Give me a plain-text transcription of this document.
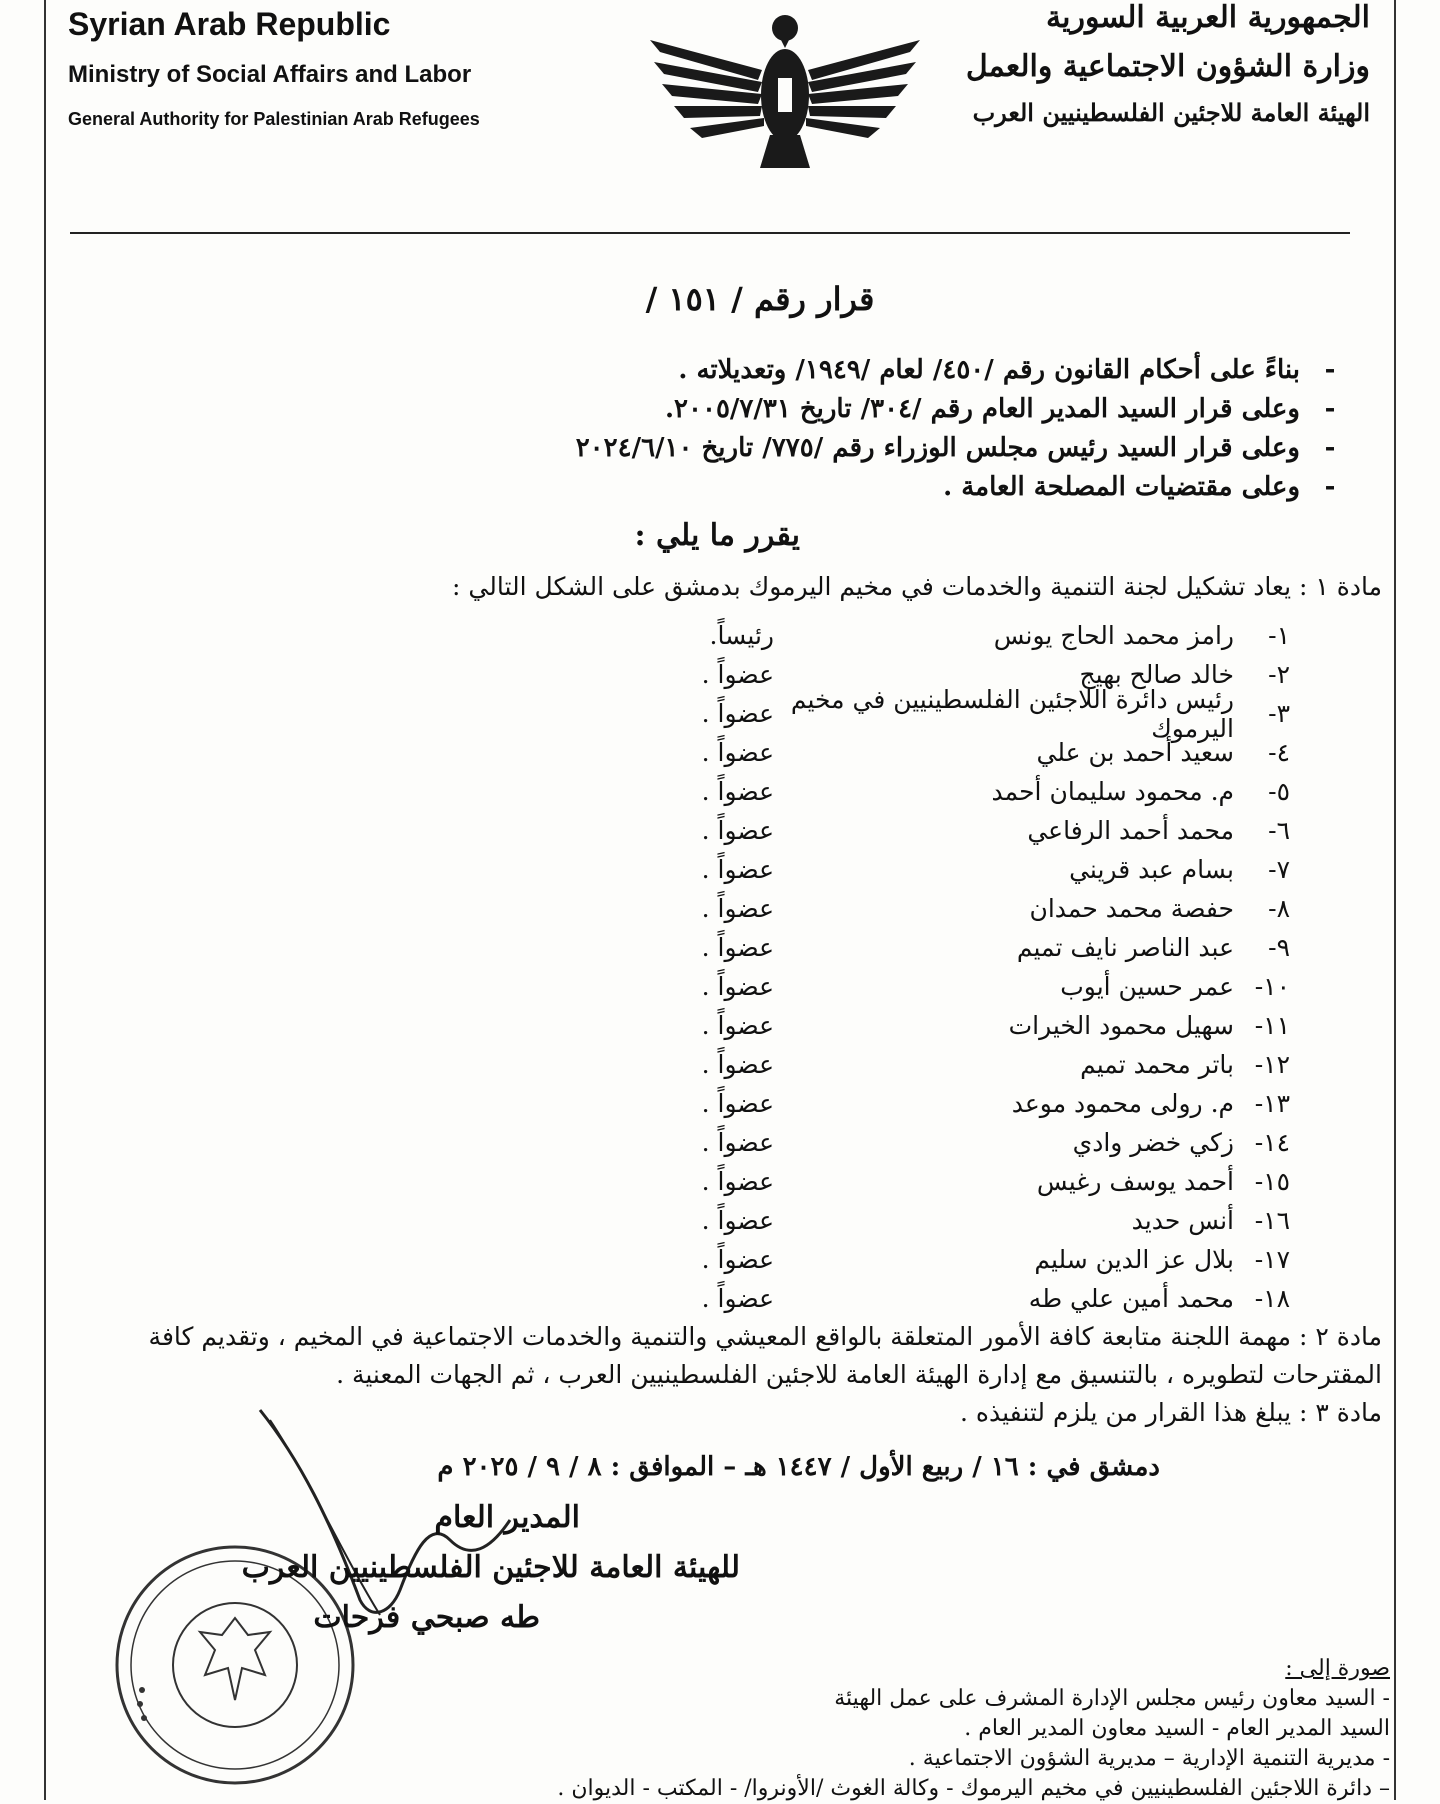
Syrian Arab Republic
Ministry of Social Affairs and Labor
General Authority for Palestinian Arab Refugees
الجمهورية العربية السورية
وزارة الشؤون الاجتماعية والعمل
الهيئة العامة للاجئين الفلسطينيين العرب
قرار رقم / ١٥١ /
-
بناءً على أحكام القانون رقم /٤٥٠/ لعام /١٩٤٩/ وتعديلاته .
-
وعلى قرار السيد المدير العام رقم /٣٠٤/ تاريخ ٢٠٠٥/٧/٣١.
-
وعلى قرار السيد رئيس مجلس الوزراء رقم /٧٧٥/ تاريخ ٢٠٢٤/٦/١٠
-
وعلى مقتضيات المصلحة العامة .
يقرر ما يلي :
مادة ١ : يعاد تشكيل لجنة التنمية والخدمات في مخيم اليرموك بدمشق على الشكل التالي :
١-
رامز محمد الحاج يونس
رئيساً.
٢-
خالد صالح بهيج
عضواً .
٣-
رئيس دائرة اللاجئين الفلسطينيين في مخيم اليرموك
عضواً .
٤-
سعيد أحمد بن علي
عضواً .
٥-
م. محمود سليمان أحمد
عضواً .
٦-
محمد أحمد الرفاعي
عضواً .
٧-
بسام عبد قريني
عضواً .
٨-
حفصة محمد حمدان
عضواً .
٩-
عبد الناصر نايف تميم
عضواً .
١٠-
عمر حسين أيوب
عضواً .
١١-
سهيل محمود الخيرات
عضواً .
١٢-
باتر محمد تميم
عضواً .
١٣-
م. رولى محمود موعد
عضواً .
١٤-
زكي خضر وادي
عضواً .
١٥-
أحمد يوسف رغيس
عضواً .
١٦-
أنس حديد
عضواً .
١٧-
بلال عز الدين سليم
عضواً .
١٨-
محمد أمين علي طه
عضواً .
مادة ٢ : مهمة اللجنة متابعة كافة الأمور المتعلقة بالواقع المعيشي والتنمية والخدمات الاجتماعية في المخيم ، وتقديم كافة المقترحات لتطويره ، بالتنسيق مع إدارة الهيئة العامة للاجئين الفلسطينيين العرب ، ثم الجهات المعنية .
مادة ٣ : يبلغ هذا القرار من يلزم لتنفيذه .
دمشق في : ١٦ / ربيع الأول / ١٤٤٧ هـ – الموافق : ٨ / ٩ / ٢٠٢٥ م
المدير العام
للهيئة العامة للاجئين الفلسطينيين العرب
طه صبحي فرحات
صورة إلى :
- السيد معاون رئيس مجلس الإدارة المشرف على عمل الهيئة
السيد المدير العام - السيد معاون المدير العام .
- مديرية التنمية الإدارية – مديرية الشؤون الاجتماعية .
– دائرة اللاجئين الفلسطينيين في مخيم اليرموك - وكالة الغوث /الأونروا/ - المكتب - الديوان .
